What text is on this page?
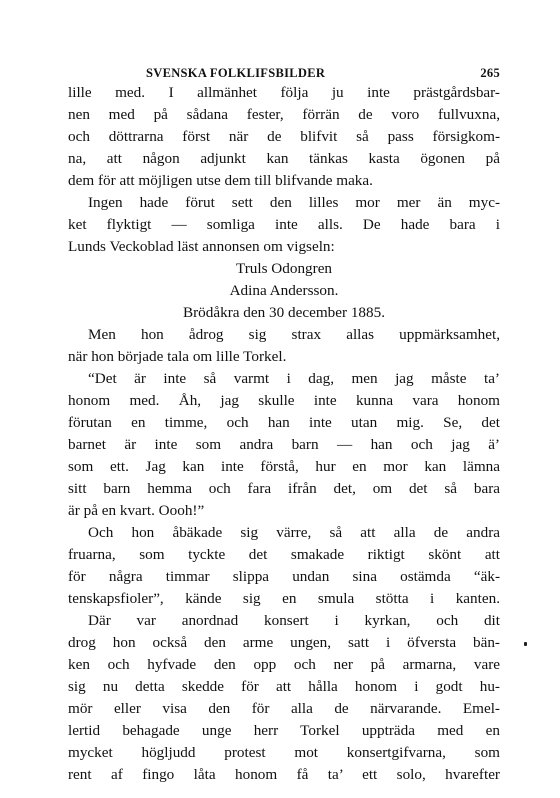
SVENSKA FOLKLIFSBILDER	265
lille med. I allmänhet följa ju inte prästgårdsbar-
nen med på sådana fester, förrän de voro fullvuxna,
och döttrarna först när de blifvit så pass försigkom-
na, att någon adjunkt kan tänkas kasta ögonen på
dem för att möjligen utse dem till blifvande maka.
Ingen hade förut sett den lilles mor mer än myc-
ket flyktigt — somliga inte alls. De hade bara i
Lunds Veckoblad läst annonsen om vigseln:
Truls Odongren
Adina Andersson.
Brödåkra den 30 december 1885.
Men hon ådrog sig strax allas uppmärksamhet,
när hon började tala om lille Torkel.
“Det är inte så varmt i dag, men jag måste ta’
honom med. Åh, jag skulle inte kunna vara honom
förutan en timme, och han inte utan mig. Se, det
barnet är inte som andra barn — han och jag ä’
som ett. Jag kan inte förstå, hur en mor kan lämna
sitt barn hemma och fara ifrån det, om det så bara
är på en kvart. Oooh!”
Och hon åbäkade sig värre, så att alla de andra
fruarna, som tyckte det smakade riktigt skönt att
för några timmar slippa undan sina ostämda “äk-
tenskapsfioler”, kände sig en smula stötta i kanten.
Där var anordnad konsert i kyrkan, och dit
drog hon också den arme ungen, satt i öfversta bän-
ken och hyfvade den opp och ner på armarna, vare
sig nu detta skedde för att hålla honom i godt hu-
mör eller visa den för alla de närvarande. Emel-
lertid behagade unge herr Torkel uppträda med en
mycket högljudd protest mot konsertgifvarna, som
rent af fingo låta honom få ta’ ett solo, hvarefter
